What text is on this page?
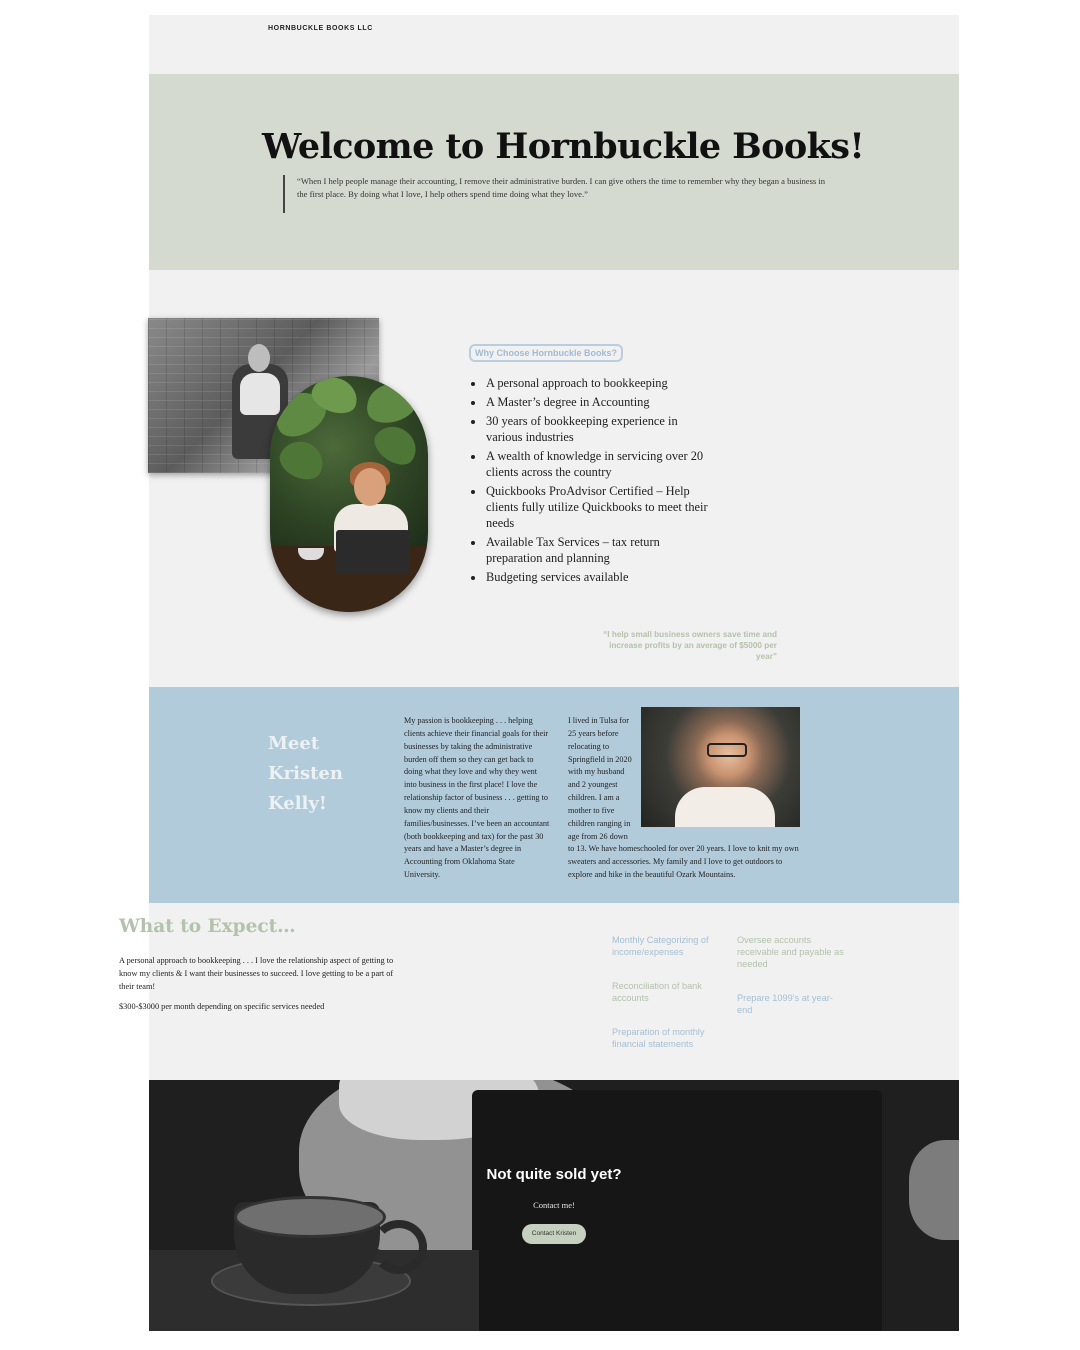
HORNBUCKLE BOOKS LLC
Welcome to Hornbuckle Books!
“When I help people manage their accounting, I remove their administrative burden. I can give others the time to remember why they began a business in the first place. By doing what I love, I help others spend time doing what they love.”
Why Choose Hornbuckle Books?
• A personal approach to bookkeeping
• A Master’s degree in Accounting
• 30 years of bookkeeping experience in various industries
• A wealth of knowledge in servicing over 20 clients across the country
• Quickbooks ProAdvisor Certified – Help clients fully utilize Quickbooks to meet their needs
• Available Tax Services – tax return preparation and planning
• Budgeting services available
“I help small business owners save time and increase profits by an average of $5000 per year”
Meet Kristen Kelly!
My passion is bookkeeping . . . helping clients achieve their financial goals for their businesses by taking the administrative burden off them so they can get back to doing what they love and why they went into business in the first place! I love the relationship factor of business . . . getting to know my clients and their families/businesses. I’ve been an accountant (both bookkeeping and tax) for the past 30 years and have a Master’s degree in Accounting from Oklahoma State University.
I lived in Tulsa for 25 years before relocating to Springfield in 2020 with my husband and 2 youngest children. I am a mother to five children ranging in age from 26 down to 13. We have homeschooled for over 20 years. I love to knit my own sweaters and accessories. My family and I love to get outdoors to explore and hike in the beautiful Ozark Mountains.
What to Expect…

A personal approach to bookkeeping . . . I love the relationship aspect of getting to know my clients & I want their businesses to succeed. I love getting to be a part of their team!

$300-$3000 per month depending on specific services needed

Monthly Categorizing of income/expenses
Oversee accounts receivable and payable as needed
Reconciliation of bank accounts	Prepare 1099’s at year-end
Preparation of monthly financial statements
Not quite sold yet?
Contact me!
Contact Kristen
